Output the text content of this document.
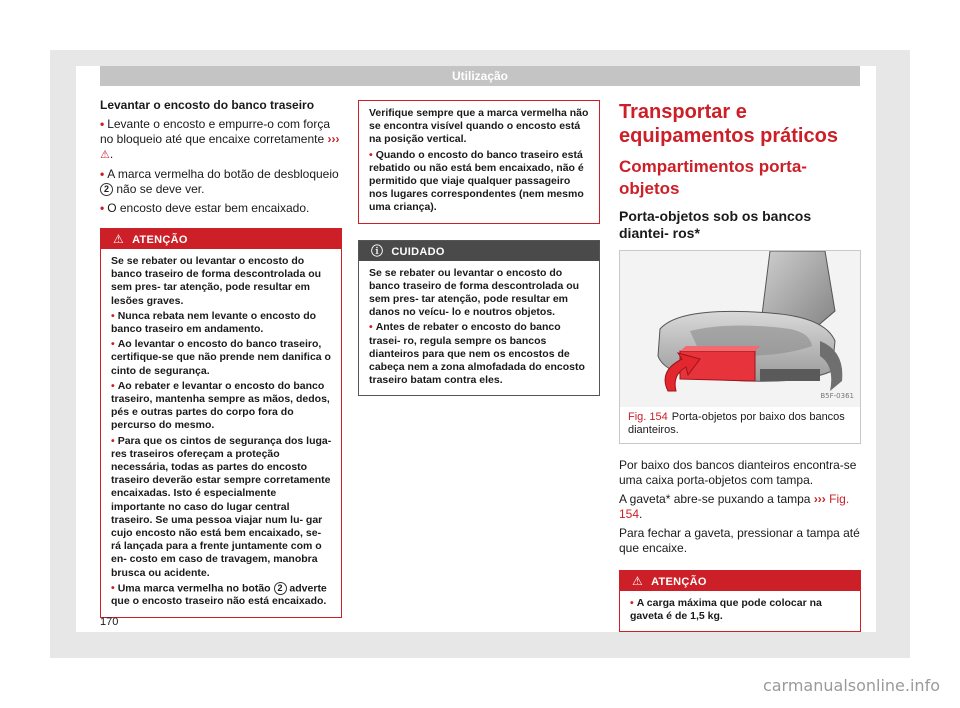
Utilização
Levantar o encosto do banco traseiro
• Levante o encosto e empurre-o com força no bloqueio até que encaixe corretamente ››› ⚠.
• A marca vermelha do botão de desbloqueio 2 não se deve ver.
• O encosto deve estar bem encaixado.
⚠ ATENÇÃO

Se se rebater ou levantar o encosto do banco traseiro de forma descontrolada ou sem pres- tar atenção, pode resultar em lesões graves.

• Nunca rebata nem levante o encosto do banco traseiro em andamento.
• Ao levantar o encosto do banco traseiro, certifique-se que não prende nem danifica o cinto de segurança.
• Ao rebater e levantar o encosto do banco traseiro, mantenha sempre as mãos, dedos, pés e outras partes do corpo fora do percurso do mesmo.
• Para que os cintos de segurança dos luga- res traseiros ofereçam a proteção necessária, todas as partes do encosto traseiro deverão estar sempre corretamente encaixadas. Isto é especialmente importante no caso do lugar central traseiro. Se uma pessoa viajar num lu- gar cujo encosto não está bem encaixado, se- rá lançada para a frente juntamente com o en- costo em caso de travagem, manobra brusca ou acidente.
• Uma marca vermelha no botão 2 adverte que o encosto traseiro não está encaixado.

Verifique sempre que a marca vermelha não se encontra visível quando o encosto está na posição vertical.

• Quando o encosto do banco traseiro está rebatido ou não está bem encaixado, não é permitido que viaje qualquer passageiro nos lugares correspondentes (nem mesmo uma criança).
ⓘ CUIDADO

Se se rebater ou levantar o encosto do banco traseiro de forma descontrolada ou sem pres- tar atenção, pode resultar em danos no veícu- lo e noutros objetos.

• Antes de rebater o encosto do banco trasei- ro, regula sempre os bancos dianteiros para que nem os encostos de cabeça nem a zona almofadada do encosto traseiro batam contra eles.
Transportar e equipamentos práticos
Compartimentos porta-objetos
Porta-objetos sob os bancos diantei- ros*
B5F-0361
Fig. 154 Porta-objetos por baixo dos bancos dianteiros.

Por baixo dos bancos dianteiros encontra-se uma caixa porta-objetos com tampa.

A gaveta* abre-se puxando a tampa ››› Fig. 154.

Para fechar a gaveta, pressionar a tampa até que encaixe.

⚠ ATENÇÃO
• A carga máxima que pode colocar na gaveta é de 1,5 kg.
170
carmanualsonline.info
